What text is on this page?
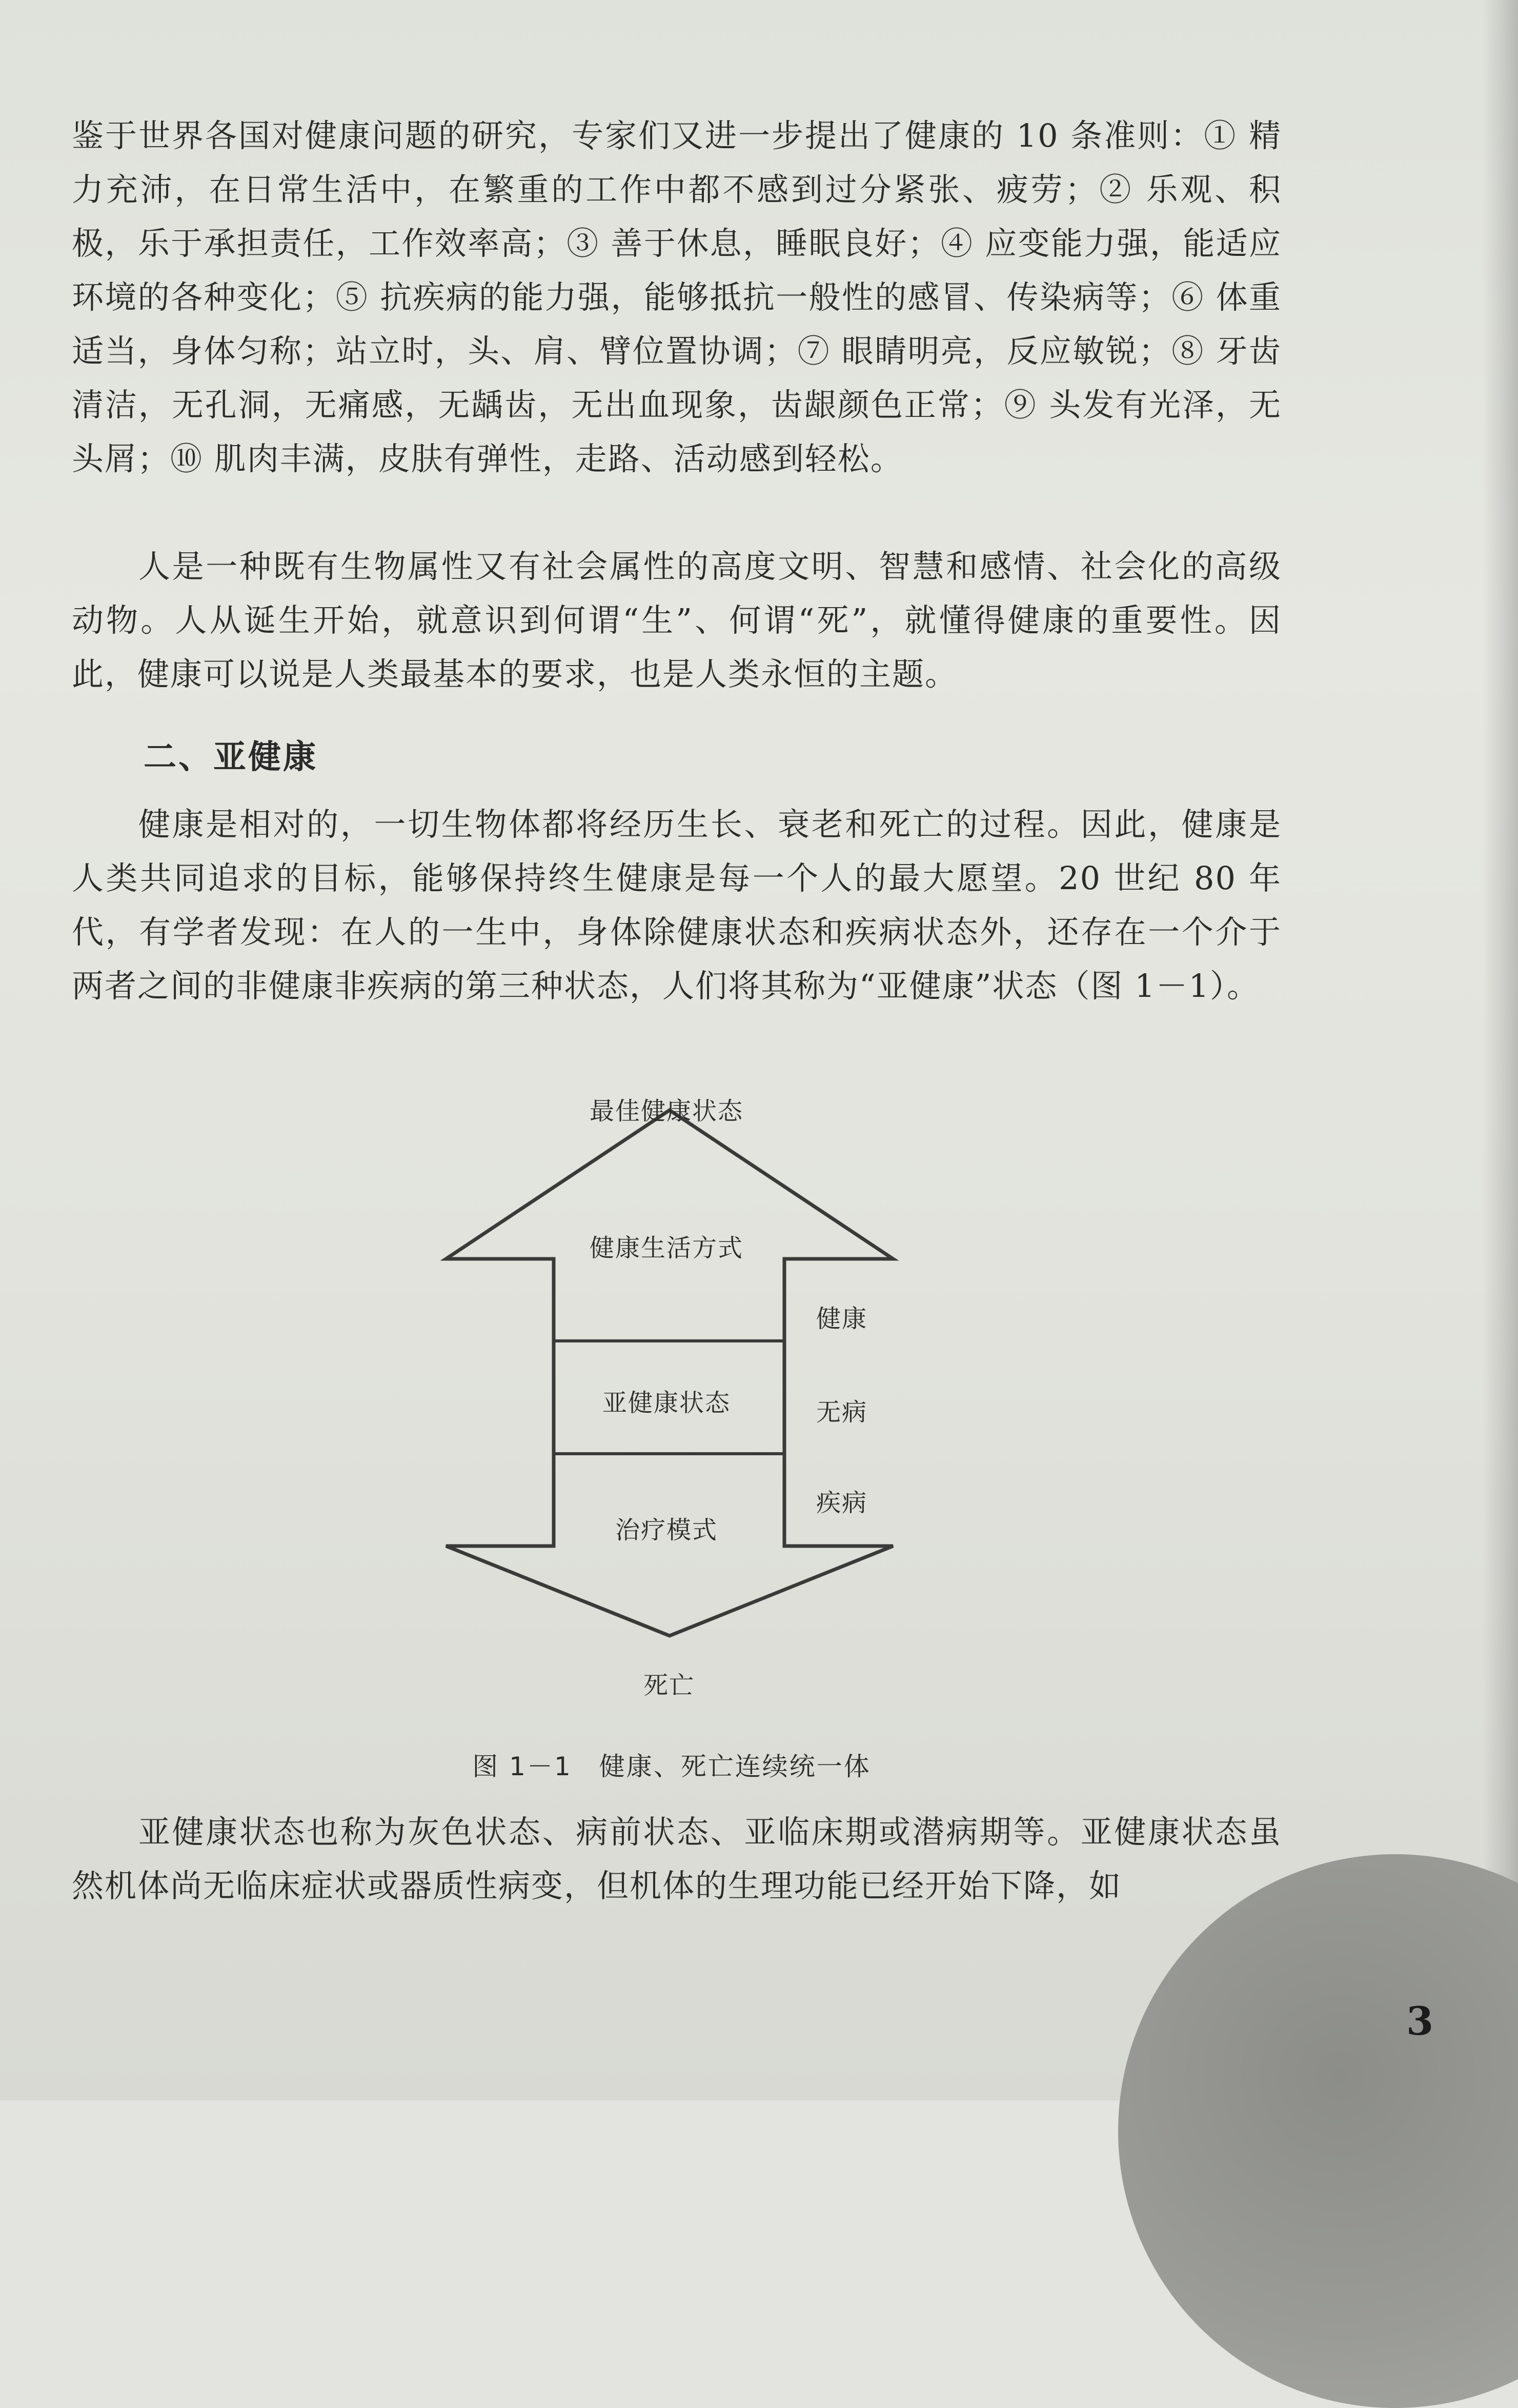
鉴于世界各国对健康问题的研究，专家们又进一步提出了健康的 10 条准则：① 精力充沛，在日常生活中，在繁重的工作中都不感到过分紧张、疲劳；② 乐观、积极，乐于承担责任，工作效率高；③ 善于休息，睡眠良好；④ 应变能力强，能适应环境的各种变化；⑤ 抗疾病的能力强，能够抵抗一般性的感冒、传染病等；⑥ 体重适当，身体匀称；站立时，头、肩、臂位置协调；⑦ 眼睛明亮，反应敏锐；⑧ 牙齿清洁，无孔洞，无痛感，无龋齿，无出血现象，齿龈颜色正常；⑨ 头发有光泽，无头屑；⑩ 肌肉丰满，皮肤有弹性，走路、活动感到轻松。

人是一种既有生物属性又有社会属性的高度文明、智慧和感情、社会化的高级动物。人从诞生开始，就意识到何谓“生”、何谓“死”，就懂得健康的重要性。因此，健康可以说是人类最基本的要求，也是人类永恒的主题。

二、亚健康

健康是相对的，一切生物体都将经历生长、衰老和死亡的过程。因此，健康是人类共同追求的目标，能够保持终生健康是每一个人的最大愿望。20 世纪 80 年代，有学者发现：在人的一生中，身体除健康状态和疾病状态外，还存在一个介于两者之间的非健康非疾病的第三种状态，人们将其称为“亚健康”状态（图 1－1）。

最佳健康状态
健康生活方式
亚健康状态
治疗模式
健康
无病
疾病
死亡
图 1－1　健康、死亡连续统一体

亚健康状态也称为灰色状态、病前状态、亚临床期或潜病期等。亚健康状态虽然机体尚无临床症状或器质性病变，但机体的生理功能已经开始下降，如

3
